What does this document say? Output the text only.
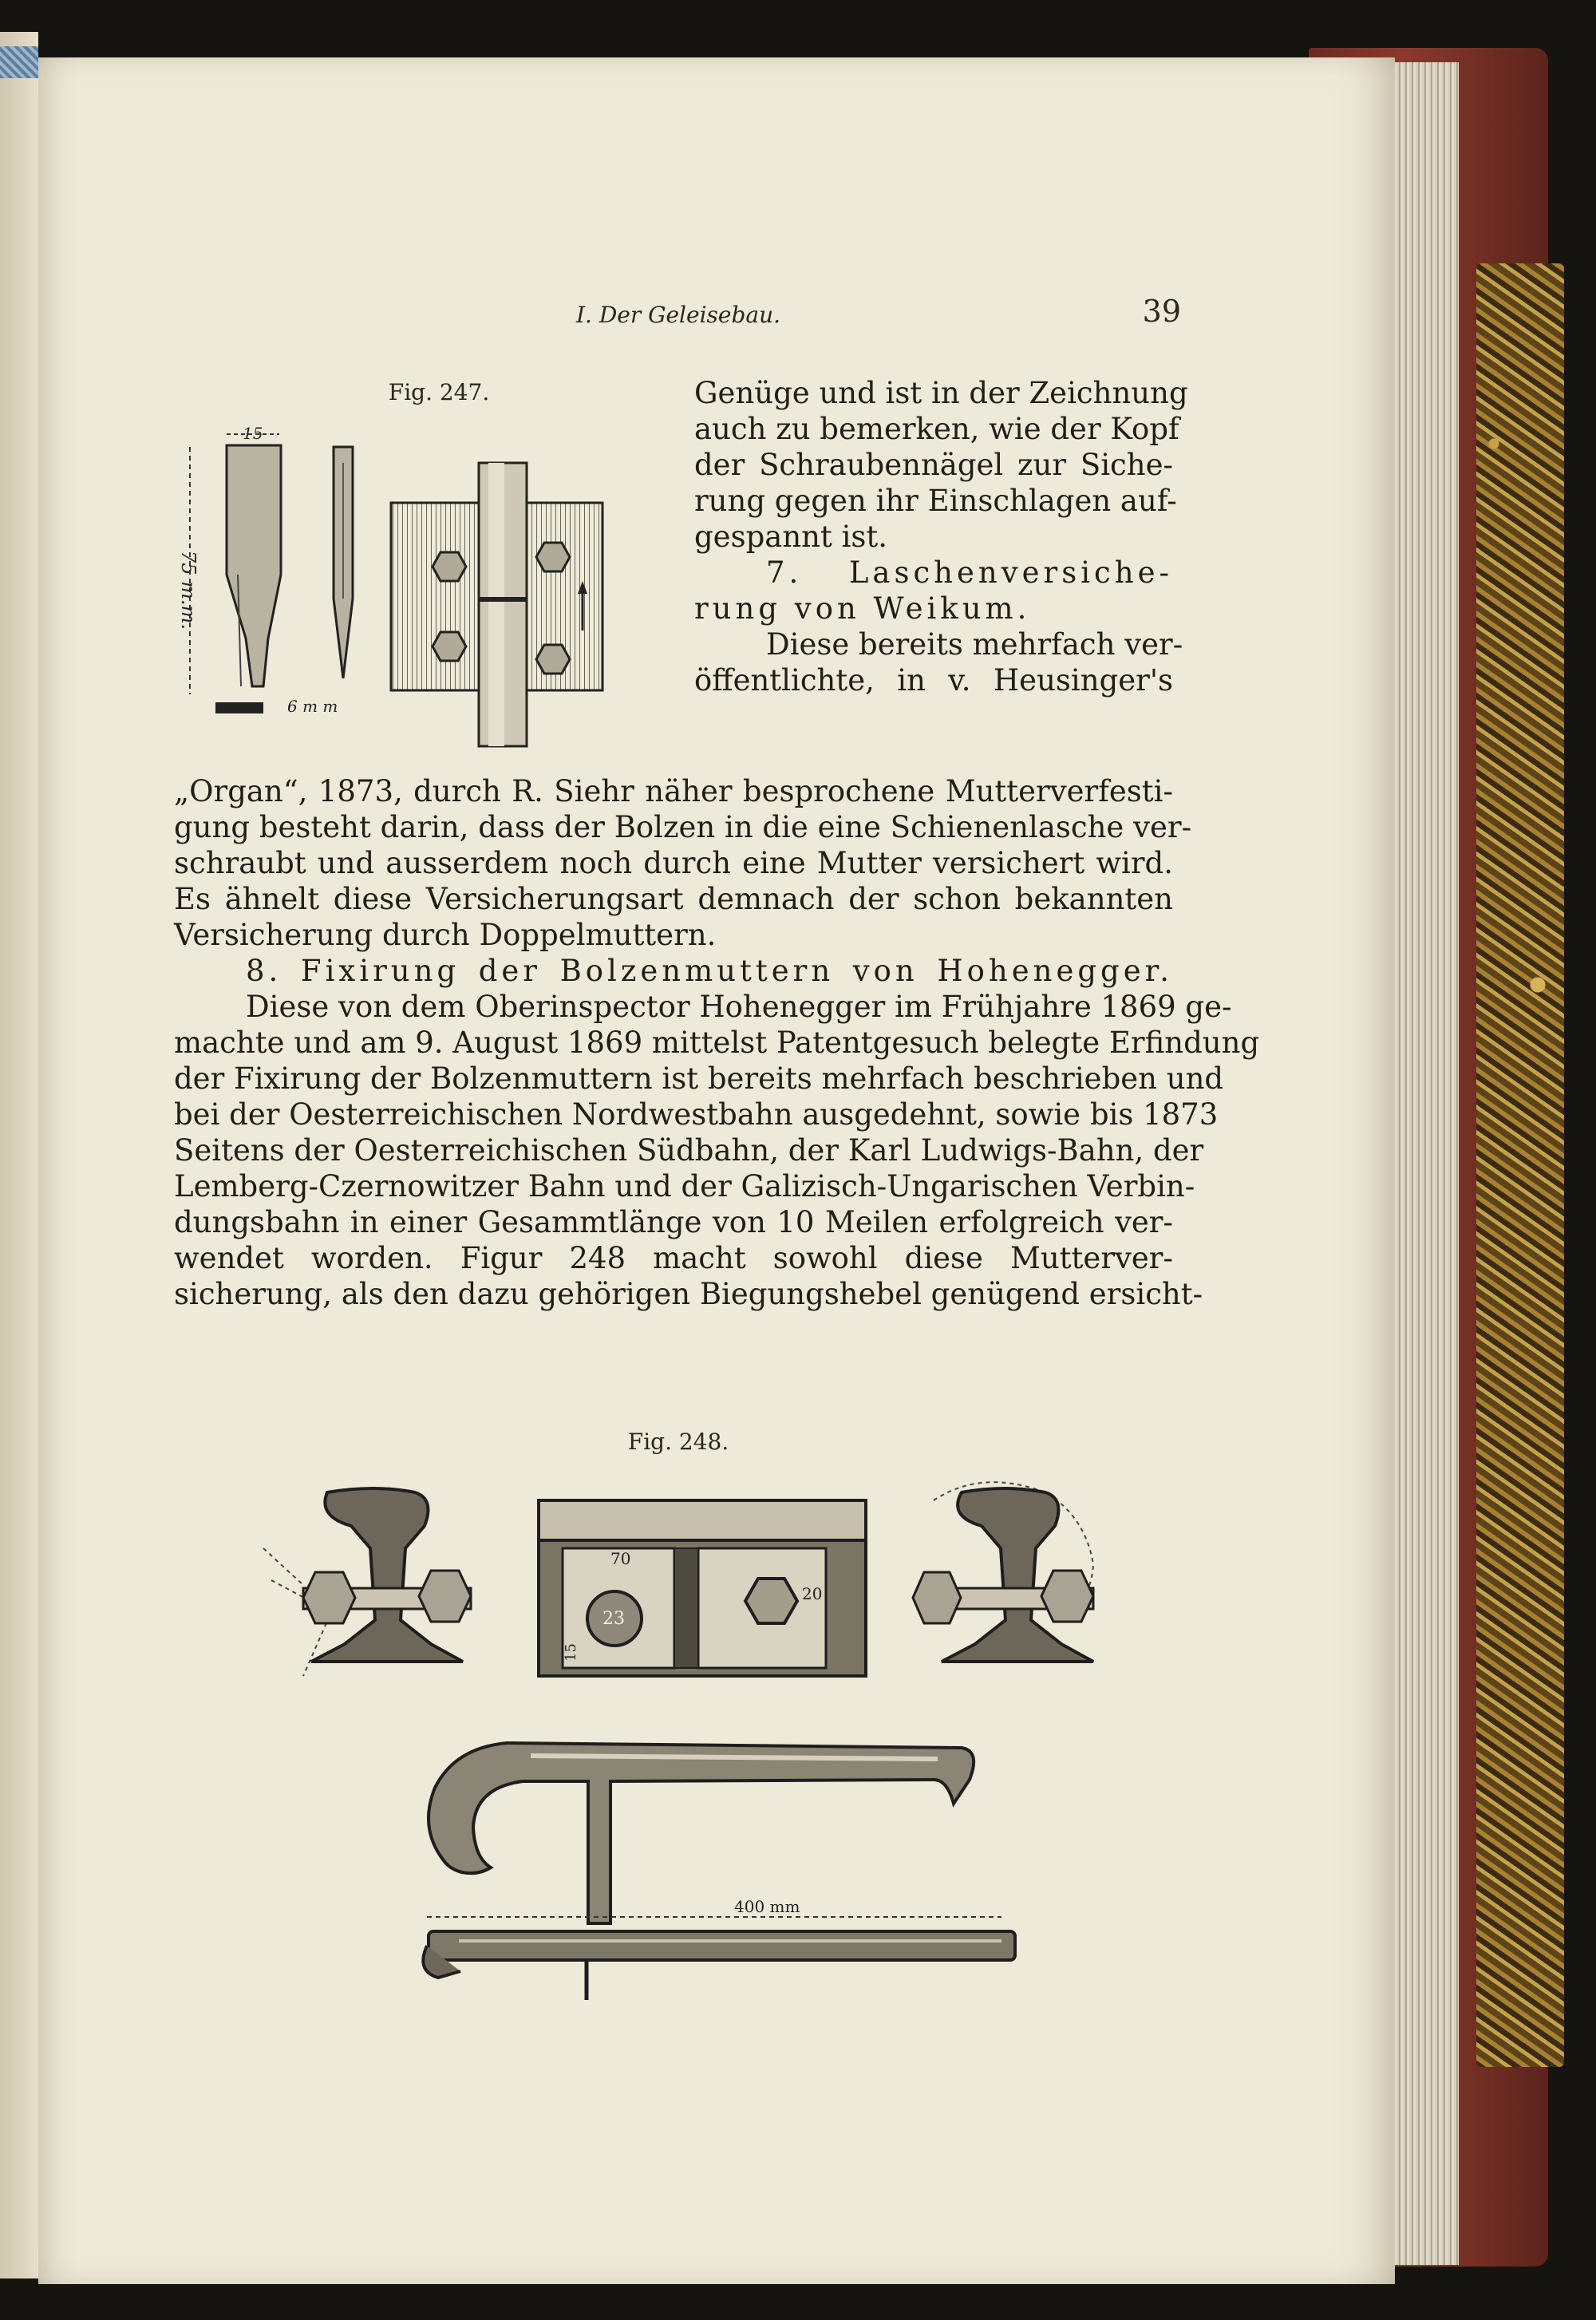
I. Der Geleisebau.	39
Fig. 247.
15
75 m.m.
6 m m
Genüge und ist in der Zeichnung
auch zu bemerken, wie der Kopf
der Schraubennägel zur Siche-
rung gegen ihr Einschlagen auf-
gespannt ist.
7. Laschenversiche-
rung von Weikum.
Diese bereits mehrfach ver-
öffentlichte, in v. Heusinger's
„Organ“, 1873, durch R. Siehr näher besprochene Mutterverfesti-
gung besteht darin, dass der Bolzen in die eine Schienenlasche ver-
schraubt und ausserdem noch durch eine Mutter versichert wird.
Es ähnelt diese Versicherungsart demnach der schon bekannten
Versicherung durch Doppelmuttern.
8. Fixirung der Bolzenmuttern von Hohenegger.
Diese von dem Oberinspector Hohenegger im Frühjahre 1869 ge-
machte und am 9. August 1869 mittelst Patentgesuch belegte Erfindung
der Fixirung der Bolzenmuttern ist bereits mehrfach beschrieben und
bei der Oesterreichischen Nordwestbahn ausgedehnt, sowie bis 1873
Seitens der Oesterreichischen Südbahn, der Karl Ludwigs-Bahn, der
Lemberg-Czernowitzer Bahn und der Galizisch-Ungarischen Verbin-
dungsbahn in einer Gesammtlänge von 10 Meilen erfolgreich ver-
wendet worden. Figur 248 macht sowohl diese Mutterver-
sicherung, als den dazu gehörigen Biegungshebel genügend ersicht-
Fig. 248.
70
20
23
15
400 mm
